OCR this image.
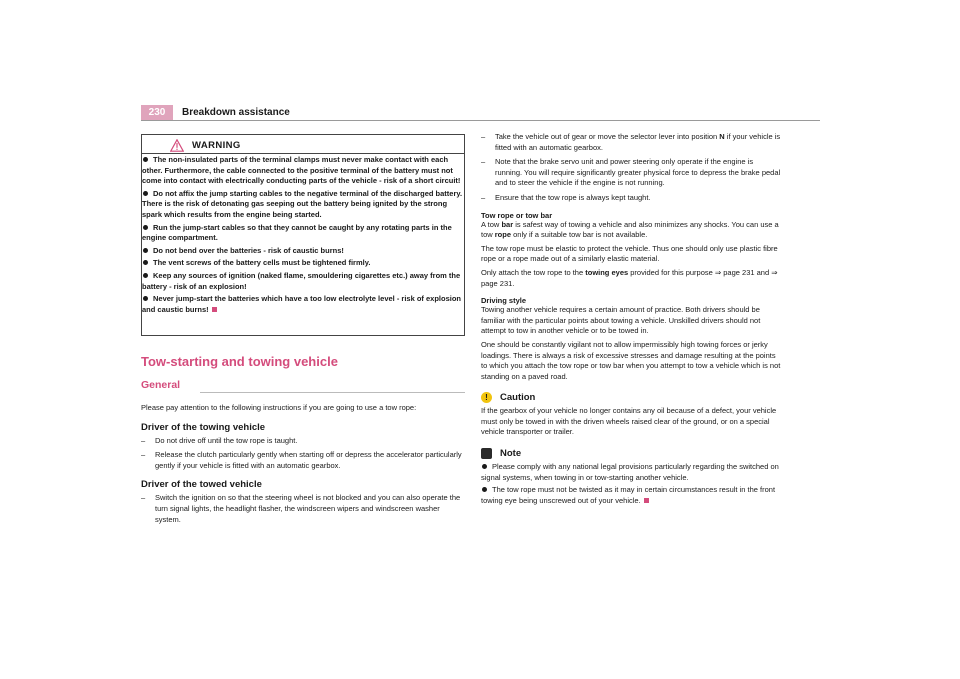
230	Breakdown assistance
WARNING
The non-insulated parts of the terminal clamps must never make contact with each other. Furthermore, the cable connected to the positive terminal of the battery must not come into contact with electrically conducting parts of the vehicle - risk of a short circuit!
Do not affix the jump starting cables to the negative terminal of the discharged battery. There is the risk of detonating gas seeping out the battery being ignited by the strong spark which results from the engine being started.
Run the jump-start cables so that they cannot be caught by any rotating parts in the engine compartment.
Do not bend over the batteries - risk of caustic burns!
The vent screws of the battery cells must be tightened firmly.
Keep any sources of ignition (naked flame, smouldering cigarettes etc.) away from the battery - risk of an explosion!
Never jump-start the batteries which have a too low electrolyte level - risk of explosion and caustic burns!
Tow-starting and towing vehicle
General
Please pay attention to the following instructions if you are going to use a tow rope:
Driver of the towing vehicle
– Do not drive off until the tow rope is taught.
– Release the clutch particularly gently when starting off or depress the accelerator particularly gently if your vehicle is fitted with an automatic gearbox.
Driver of the towed vehicle
– Switch the ignition on so that the steering wheel is not blocked and you can also operate the turn signal lights, the headlight flasher, the windscreen wipers and windscreen washer system.
– Take the vehicle out of gear or move the selector lever into position N if your vehicle is fitted with an automatic gearbox.
– Note that the brake servo unit and power steering only operate if the engine is running. You will require significantly greater physical force to depress the brake pedal and to steer the vehicle if the engine is not running.
– Ensure that the tow rope is always kept taught.
Tow rope or tow bar
A tow bar is safest way of towing a vehicle and also minimizes any shocks. You can use a tow rope only if a suitable tow bar is not available.
The tow rope must be elastic to protect the vehicle. Thus one should only use plastic fibre rope or a rope made out of a similarly elastic material.
Only attach the tow rope to the towing eyes provided for this purpose ⇒ page 231 and ⇒ page 231.
Driving style
Towing another vehicle requires a certain amount of practice. Both drivers should be familiar with the particular points about towing a vehicle. Unskilled drivers should not attempt to tow in another vehicle or to be towed in.
One should be constantly vigilant not to allow impermissibly high towing forces or jerky loadings. There is always a risk of excessive stresses and damage resulting at the points to which you attach the tow rope or tow bar when you attempt to tow a vehicle which is not standing on a paved road.
!	Caution
If the gearbox of your vehicle no longer contains any oil because of a defect, your vehicle must only be towed in with the driven wheels raised clear of the ground, or on a special vehicle transporter or trailer.
Note
Please comply with any national legal provisions particularly regarding the switched on signal systems, when towing in or tow-starting another vehicle.
The tow rope must not be twisted as it may in certain circumstances result in the front towing eye being unscrewed out of your vehicle.
